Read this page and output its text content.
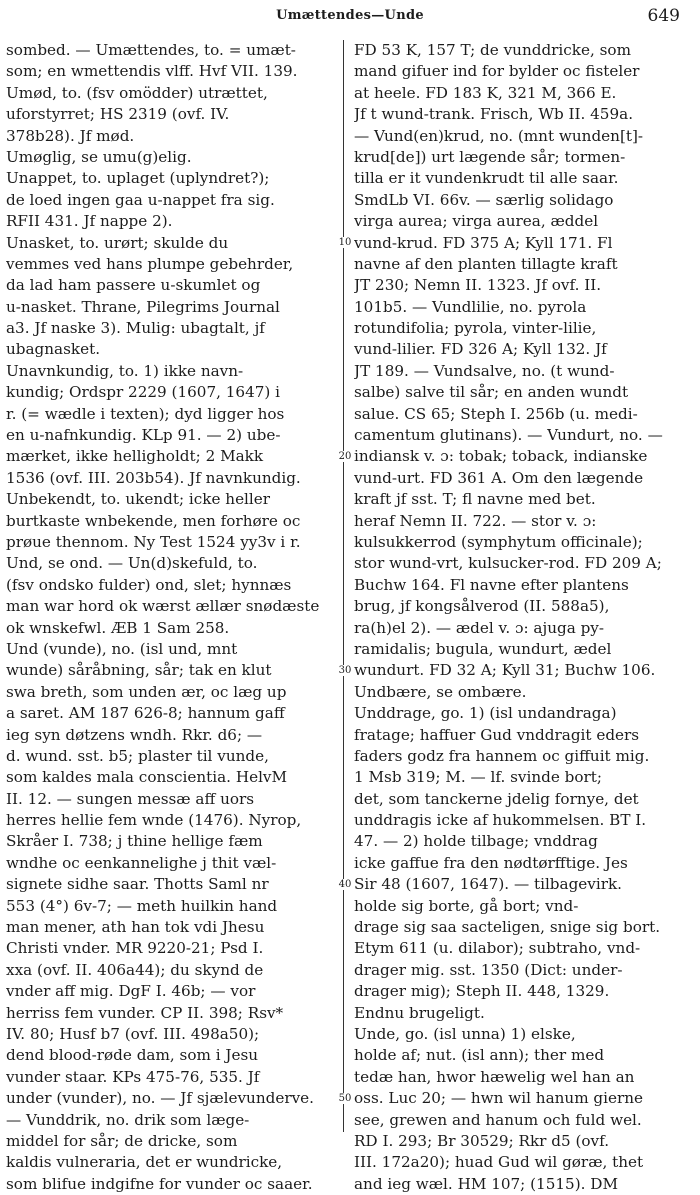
Umættendes—Unde	649
sombed. — Umættendes, to. = umæt-
som; en wmettendis vlff. Hvf VII. 139.
Umød, to. (fsv omödder) utrættet,
uforstyrret; HS 2319 (ovf. IV.
378b28). Jf mød.
Umøglig, se umu(g)elig.
Unappet, to. uplaget (uplyndret?);
de loed ingen gaa u-nappet fra sig.
RFII 431. Jf nappe 2).
Unasket, to. urørt; skulde du
vemmes ved hans plumpe gebehrder,
da lad ham passere u-skumlet og
u-nasket. Thrane, Pilegrims Journal
a3. Jf naske 3). Mulig: ubagtalt, jf
ubagnasket.
Unavnkundig, to. 1) ikke navn-
kundig; Ordspr 2229 (1607, 1647) i
r. (= wædle i texten); dyd ligger hos
en u-nafnkundig. KLp 91. — 2) ube-
mærket, ikke helligholdt; 2 Makk
1536 (ovf. III. 203b54). Jf navnkundig.
Unbekendt, to. ukendt; icke heller
burtkaste wnbekende, men forhøre oc
prøue thennom. Ny Test 1524 yy3v i r.
Und, se ond. — Un(d)skefuld, to.
(fsv ondsko fulder) ond, slet; hynnæs
man war hord ok wærst ællær snødæste
ok wnskefwl. ÆB 1 Sam 258.
Und (vunde), no. (isl und, mnt
wunde) såråbning, sår; tak en klut
swa breth, som unden ær, oc læg up
a saret. AM 187 626-8; hannum gaff
ieg syn døtzens wndh. Rkr. d6; —
d. wund. sst. b5; plaster til vunde,
som kaldes mala conscientia. HelvM
II. 12. — sungen messæ aff uors
herres hellie fem wnde (1476). Nyrop,
Skråer I. 738; j thine hellige fæm
wndhe oc eenkannelighe j thit væl-
signete sidhe saar. Thotts Saml nr
553 (4°) 6v-7; — meth huilkin hand
man mener, ath han tok vdi Jhesu
Christi vnder. MR 9220-21; Psd I.
xxa (ovf. II. 406a44); du skynd de
vnder aff mig. DgF I. 46b; — vor
herriss fem vunder. CP II. 398; Rsv*
IV. 80; Husf b7 (ovf. III. 498a50);
dend blood-røde dam, som i Jesu
vunder staar. KPs 475-76, 535. Jf
under (vunder), no. — Jf sjælevunderve.
— Vunddrik, no. drik som læge-
middel for sår; de dricke, som
kaldis vulneraria, det er wundricke,
som blifue indgifne for vunder oc saaer.
10
20
30
40
50
FD 53 K, 157 T; de vunddricke, som
mand gifuer ind for bylder oc fisteler
at heele. FD 183 K, 321 M, 366 E.
Jf t wund-trank. Frisch, Wb II. 459a.
— Vund(en)krud, no. (mnt wunden[t]-
krud[de]) urt lægende sår; tormen-
tilla er it vundenkrudt til alle saar.
SmdLb VI. 66v. — særlig solidago
virga aurea; virga aurea, æddel
vund-krud. FD 375 A; Kyll 171. Fl
navne af den planten tillagte kraft
JT 230; Nemn II. 1323. Jf ovf. II.
101b5. — Vundlilie, no. pyrola
rotundifolia; pyrola, vinter-lilie,
vund-lilier. FD 326 A; Kyll 132. Jf
JT 189. — Vundsalve, no. (t wund-
salbe) salve til sår; en anden wundt
salue. CS 65; Steph I. 256b (u. medi-
camentum glutinans). — Vundurt, no. —
indiansk v. ɔ: tobak; toback, indianske
vund-urt. FD 361 A. Om den lægende
kraft jf sst. T; fl navne med bet.
heraf Nemn II. 722. — stor v. ɔ:
kulsukkerrod (symphytum officinale);
stor wund-vrt, kulsucker-rod. FD 209 A;
Buchw 164. Fl navne efter plantens
brug, jf kongsålverod (II. 588a5),
ra(h)el 2). — ædel v. ɔ: ajuga py-
ramidalis; bugula, wundurt, ædel
wundurt. FD 32 A; Kyll 31; Buchw 106.
Undbære, se ombære.
Unddrage, go. 1) (isl undandraga)
fratage; haffuer Gud vnddragit eders
faders godz fra hannem oc giffuit mig.
1 Msb 319; M. — lf. svinde bort;
det, som tanckerne jdelig fornye, det
unddragis icke af hukommelsen. BT I.
47. — 2) holde tilbage; vnddrag
icke gaffue fra den nødtørfftige. Jes
Sir 48 (1607, 1647). — tilbagevirk.
holde sig borte, gå bort; vnd-
drage sig saa sacteligen, snige sig bort.
Etym 611 (u. dilabor); subtraho, vnd-
drager mig. sst. 1350 (Dict: under-
drager mig); Steph II. 448, 1329.
Endnu brugeligt.
Unde, go. (isl unna) 1) elske,
holde af; nut. (isl ann); ther med
tedæ han, hwor hæwelig wel han an
oss. Luc 20; — hwn wil hanum gierne
see, grewen and hanum och fuld wel.
RD I. 293; Br 30529; Rkr d5 (ovf.
III. 172a20); huad Gud wil gøræ, thet
and ieg wæl. HM 107; (1515). DM
